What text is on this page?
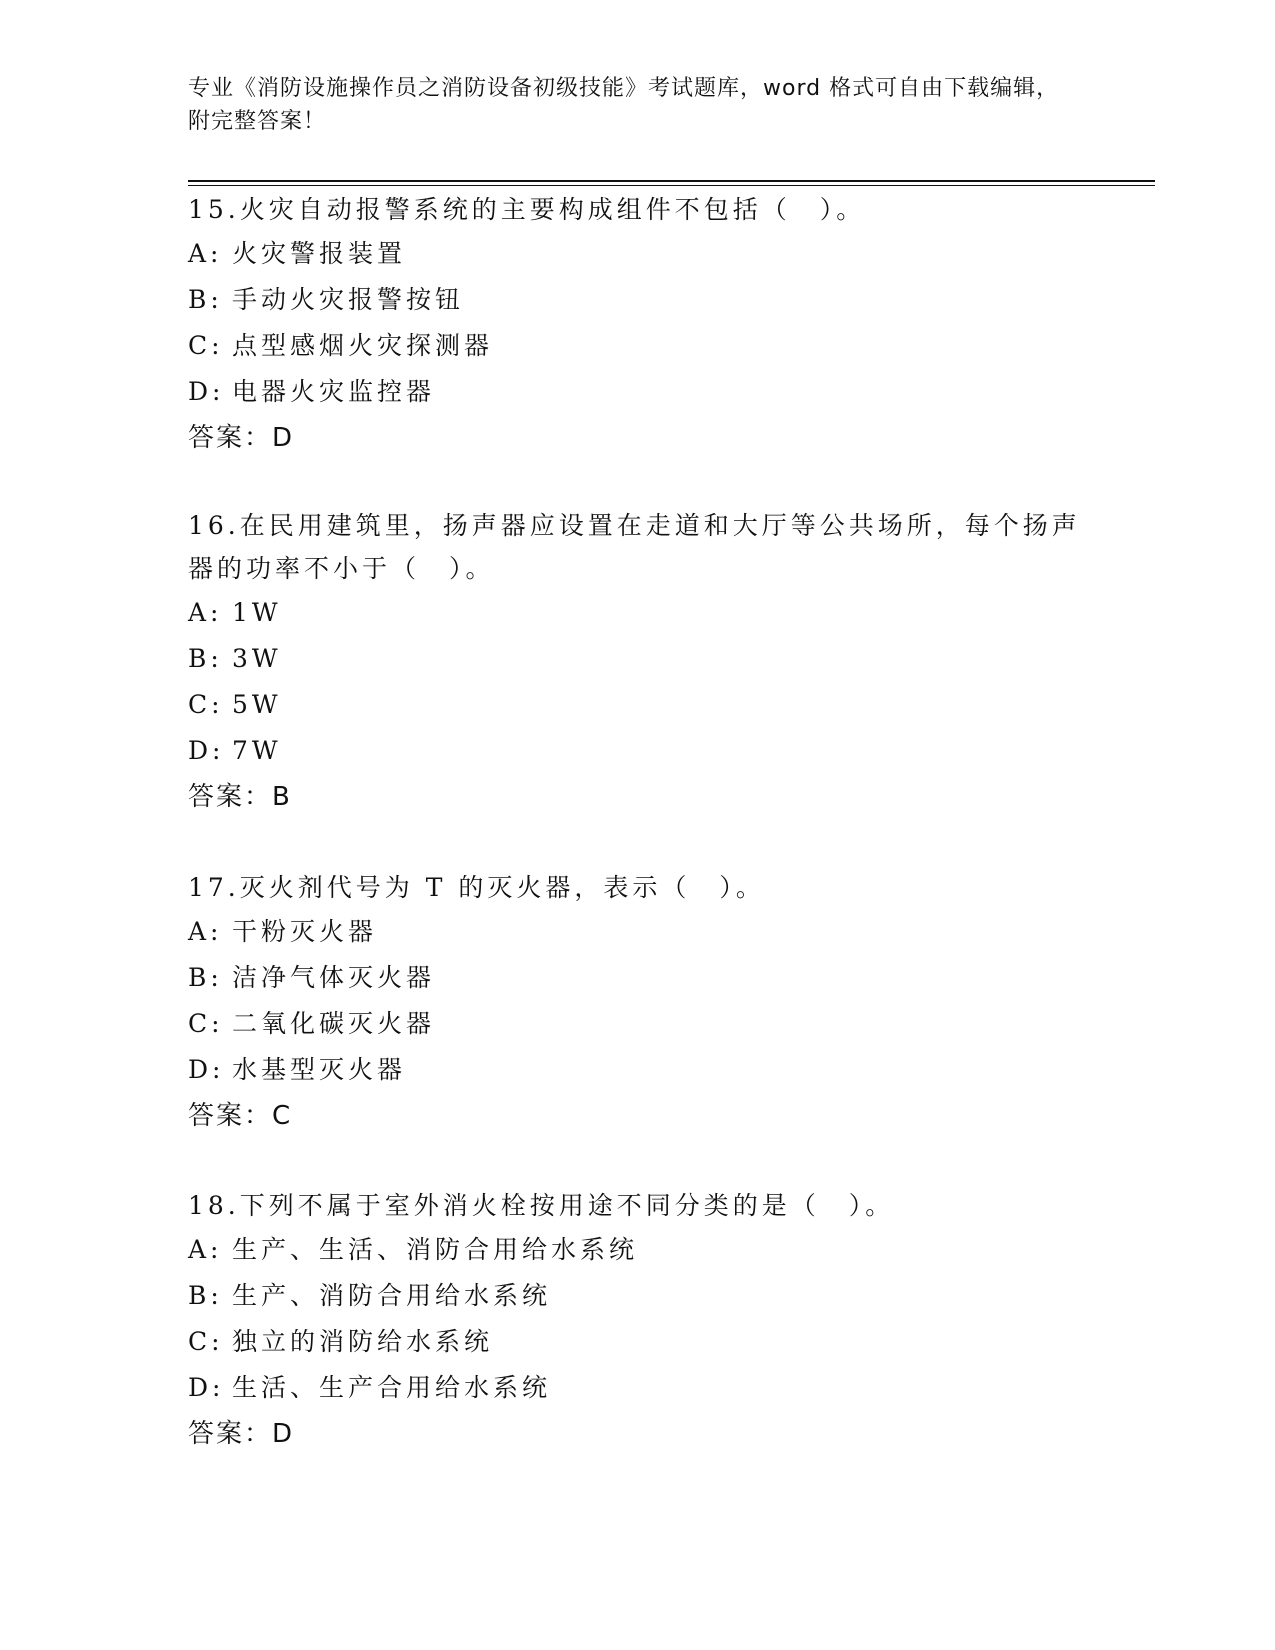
专业《消防设施操作员之消防设备初级技能》考试题库，word 格式可自由下载编辑，附完整答案！
15.火灾自动报警系统的主要构成组件不包括（　）。
A: 火灾警报装置
B: 手动火灾报警按钮
C: 点型感烟火灾探测器
D: 电器火灾监控器
答案：D
16.在民用建筑里，扬声器应设置在走道和大厅等公共场所，每个扬声器的功率不小于（　）。
A: 1W
B: 3W
C: 5W
D: 7W
答案：B
17.灭火剂代号为 T 的灭火器，表示（　）。
A: 干粉灭火器
B: 洁净气体灭火器
C: 二氧化碳灭火器
D: 水基型灭火器
答案：C
18.下列不属于室外消火栓按用途不同分类的是（　）。
A: 生产、生活、消防合用给水系统
B: 生产、消防合用给水系统
C: 独立的消防给水系统
D: 生活、生产合用给水系统
答案：D
